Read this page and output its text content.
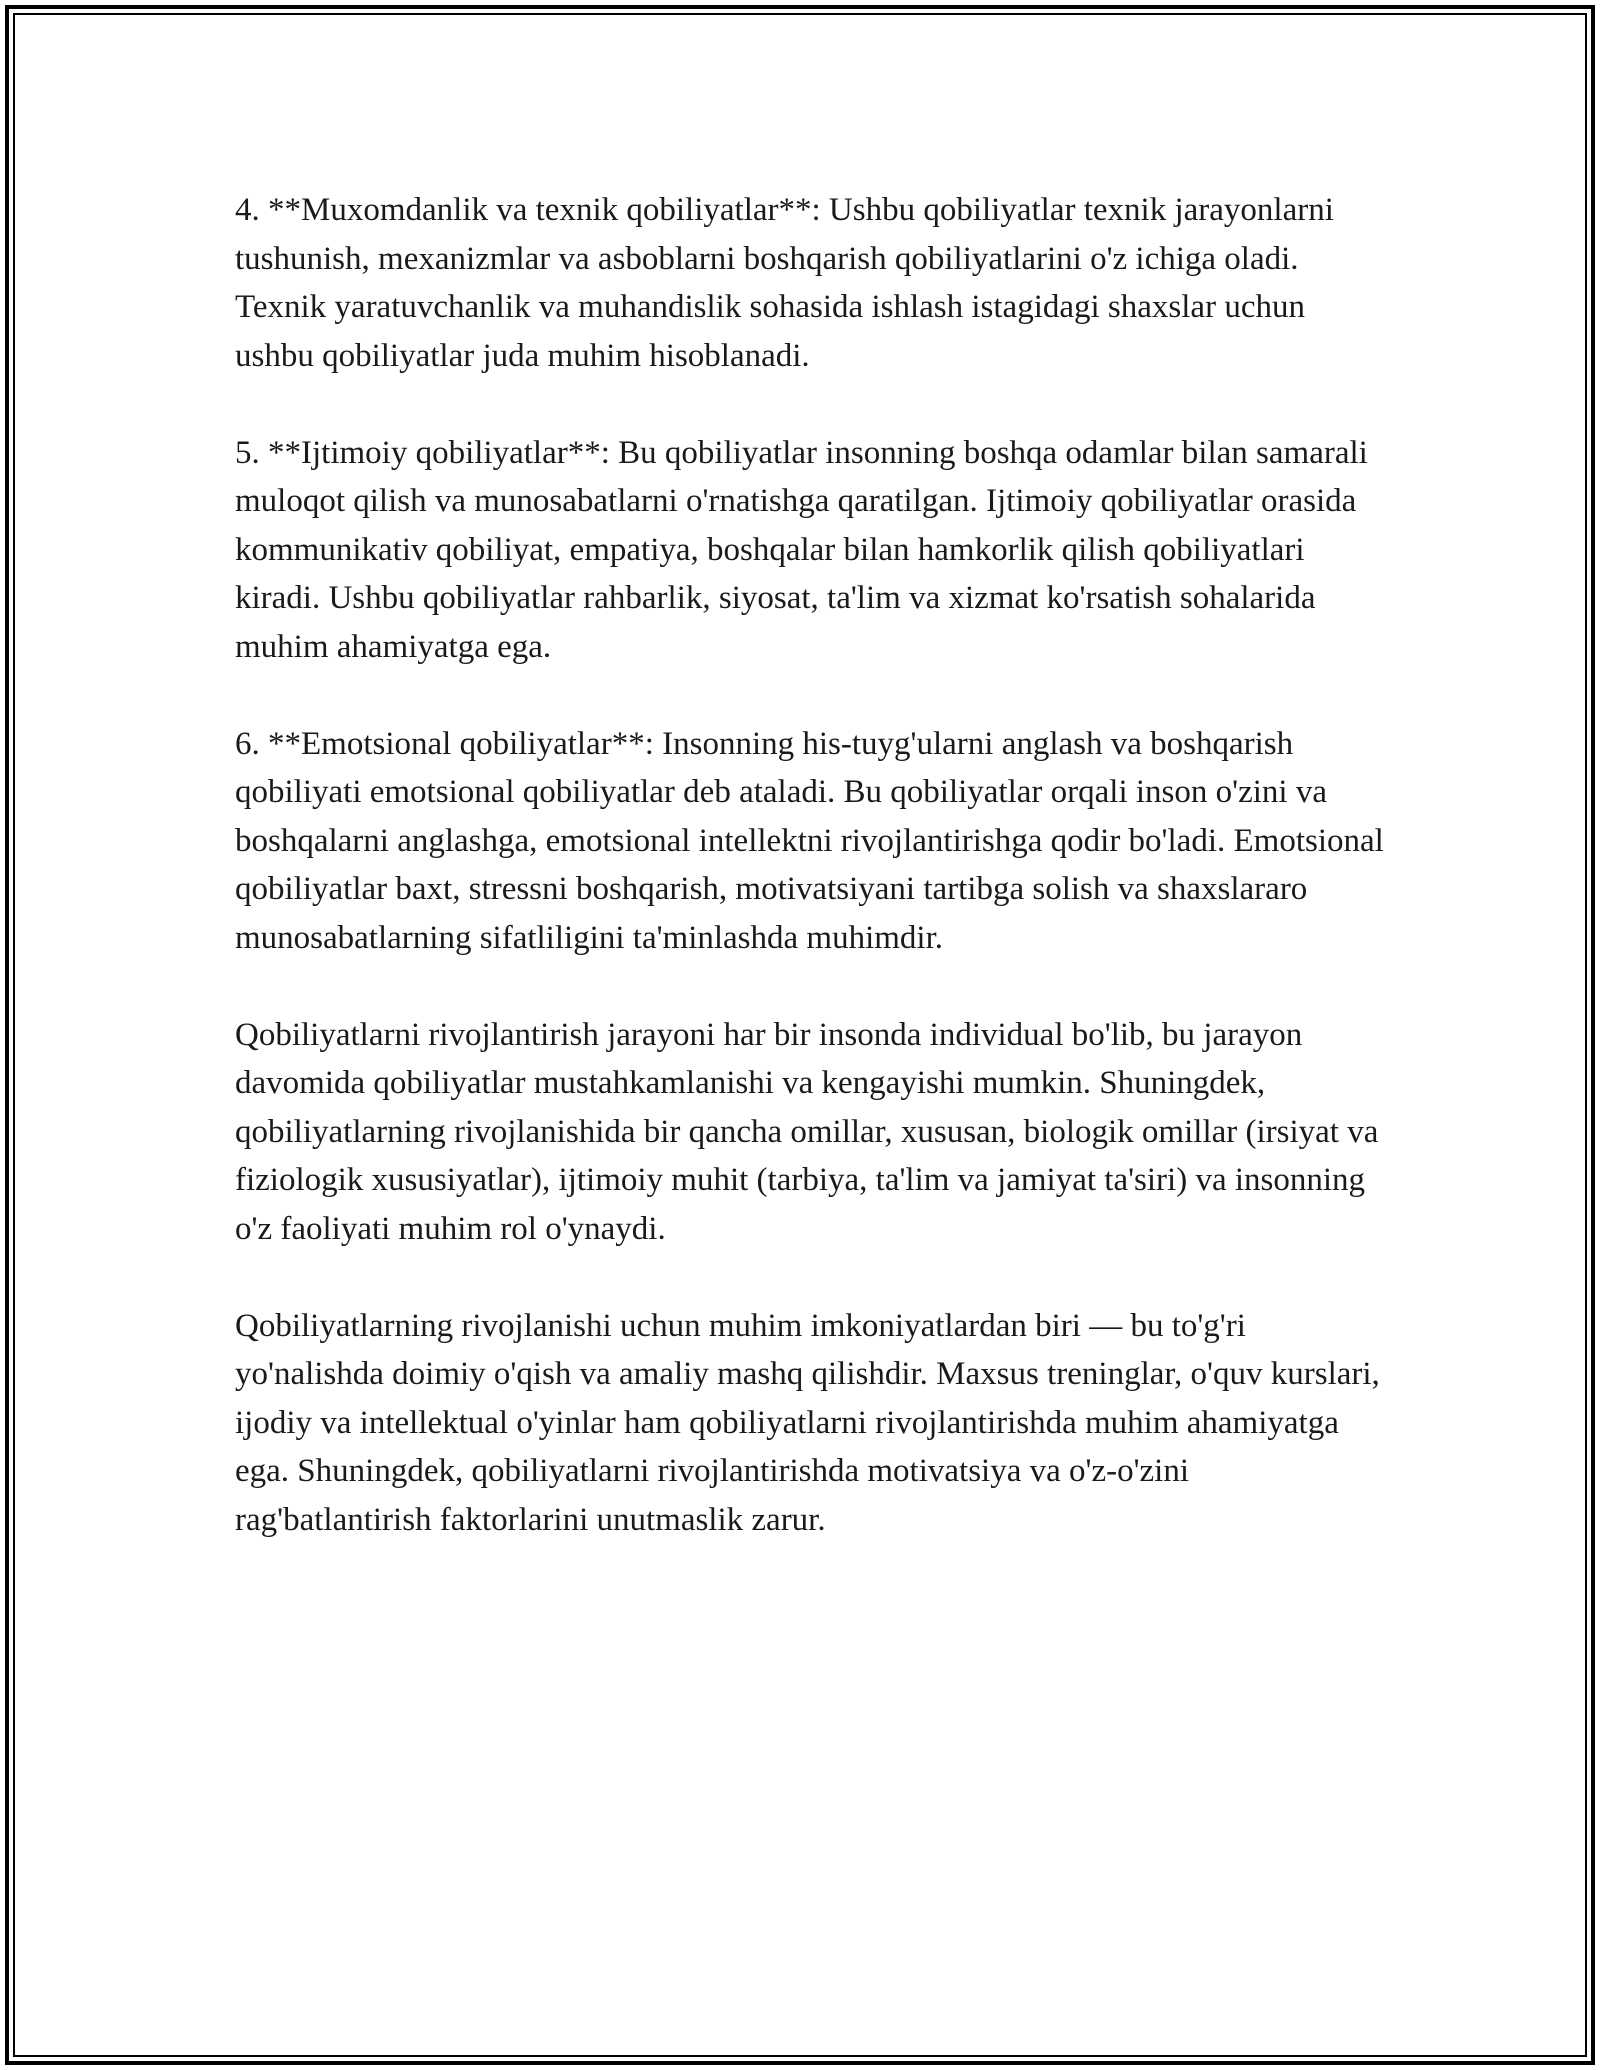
4. **Muxomdanlik va texnik qobiliyatlar**: Ushbu qobiliyatlar texnik jarayonlarni tushunish, mexanizmlar va asboblarni boshqarish qobiliyatlarini o'z ichiga oladi. Texnik yaratuvchanlik va muhandislik sohasida ishlash istagidagi shaxslar uchun ushbu qobiliyatlar juda muhim hisoblanadi.

5. **Ijtimoiy qobiliyatlar**: Bu qobiliyatlar insonning boshqa odamlar bilan samarali muloqot qilish va munosabatlarni o'rnatishga qaratilgan. Ijtimoiy qobiliyatlar orasida kommunikativ qobiliyat, empatiya, boshqalar bilan hamkorlik qilish qobiliyatlari kiradi. Ushbu qobiliyatlar rahbarlik, siyosat, ta'lim va xizmat ko'rsatish sohalarida muhim ahamiyatga ega.

6. **Emotsional qobiliyatlar**: Insonning his-tuyg'ularni anglash va boshqarish qobiliyati emotsional qobiliyatlar deb ataladi. Bu qobiliyatlar orqali inson o'zini va boshqalarni anglashga, emotsional intellektni rivojlantirishga qodir bo'ladi. Emotsional qobiliyatlar baxt, stressni boshqarish, motivatsiyani tartibga solish va shaxslararo munosabatlarning sifatliligini ta'minlashda muhimdir.

Qobiliyatlarni rivojlantirish jarayoni har bir insonda individual bo'lib, bu jarayon davomida qobiliyatlar mustahkamlanishi va kengayishi mumkin. Shuningdek, qobiliyatlarning rivojlanishida bir qancha omillar, xususan, biologik omillar (irsiyat va fiziologik xususiyatlar), ijtimoiy muhit (tarbiya, ta'lim va jamiyat ta'siri) va insonning o'z faoliyati muhim rol o'ynaydi.

Qobiliyatlarning rivojlanishi uchun muhim imkoniyatlardan biri — bu to'g'ri yo'nalishda doimiy o'qish va amaliy mashq qilishdir. Maxsus treninglar, o'quv kurslari, ijodiy va intellektual o'yinlar ham qobiliyatlarni rivojlantirishda muhim ahamiyatga ega. Shuningdek, qobiliyatlarni rivojlantirishda motivatsiya va o'z-o'zini rag'batlantirish faktorlarini unutmaslik zarur.
